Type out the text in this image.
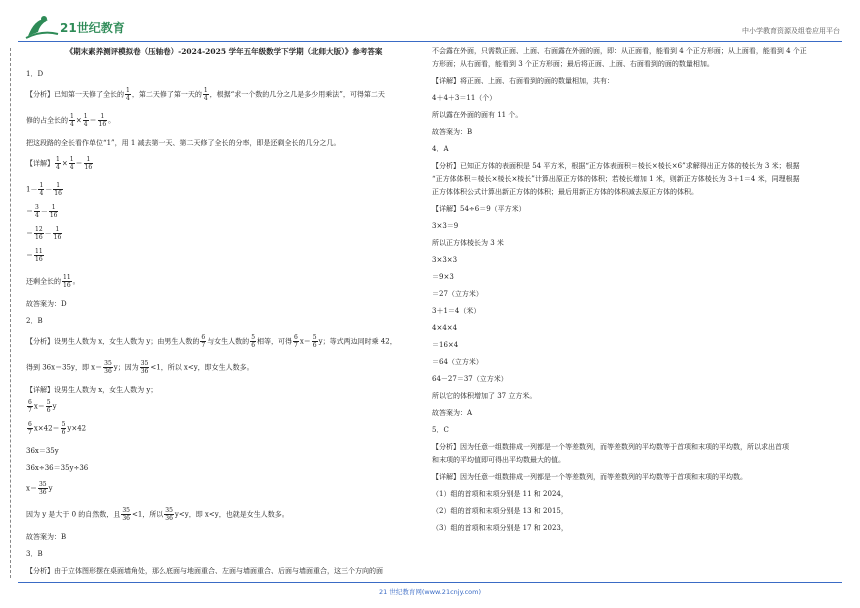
21世纪教育	中小学教育资源及组卷应用平台

《期末素养测评模拟卷（压轴卷）-2024-2025 学年五年级数学下学期（北师大版）》参考答案

1．D

【分析】已知第一天修了全长的 $\frac{1}{4}$ ，第二天修了第一天的 $\frac{1}{4}$ ，根据“求一个数的几分之几是多少用乘法”，可得第二天

修的占全长的 $\frac{1}{4} \times \frac{1}{4} = \frac{1}{16}$ 。

把这段路的全长看作单位“1”，用 1 减去第一天、第二天修了全长的分率，即是还剩全长的几分之几。

【详解】 $\frac{1}{4} \times \frac{1}{4} = \frac{1}{16}$

$1- \frac{1}{4} - \frac{1}{16}$

＝ $\frac{3}{4} - \frac{1}{16}$

＝ $\frac{12}{16} - \frac{1}{16}$

＝ $\frac{11}{16}$

还剩全长的 $\frac{11}{16}$ 。

故答案为：D

2．B

【分析】设男生人数为 x，女生人数为 y；由男生人数的 $\frac{6}{7}$ 与女生人数的 $\frac{5}{6}$ 相等，可得 $\frac{6}{7} x= \frac{5}{6}$ y；等式两边同时乘 42，

得到 36x＝35y，即 $x= \frac{35}{36}$ y；因为 $\frac{35}{36} <1$，所以 x<y，即女生人数多。

【详解】设男生人数为 x，女生人数为 y；

$\frac{6}{7} x= \frac{5}{6}$ y

$\frac{6}{7} x\times 42= \frac{5}{6} y\times 42$

36x＝35y

36x÷36＝35y÷36

$x= \frac{35}{36}$ y

因为 y 是大于 0 的自然数，且 $\frac{35}{36} <1$，所以 $\frac{35}{36} y<y$，即 x<y，也就是女生人数多。

故答案为：B

3．B

【分析】由于立体图形摆在桌面墙角处，那么底面与地面重合、左面与墙面重合、后面与墙面重合，这三个方向的面

不会露在外面，只需数正面、上面、右面露在外面的面，即：从正面看，能看到 4 个正方形面；从上面看，能看到 4 个正

方形面；从右面看，能看到 3 个正方形面；最后将正面、上面、右面看到的面的数量相加。

【详解】将正面、上面、右面看到的面的数量相加，共有：

4＋4＋3＝11（个）

所以露在外面的面有 11 个。

故答案为：B

4．A

【分析】已知正方体的表面积是 54 平方米，根据“正方体表面积＝棱长×棱长×6”求解得出正方体的棱长为 3 米；根据

“正方体体积＝棱长×棱长×棱长”计算出原正方体的体积；若棱长增加 1 米，则新正方体棱长为 3＋1＝4 米，同理根据

正方体体积公式计算出新正方体的体积；最后用新正方体的体积减去原正方体的体积。

【详解】54÷6＝9（平方米）

3×3＝9

所以正方体棱长为 3 米

3×3×3

＝9×3

＝27（立方米）

3＋1＝4（米）

4×4×4

＝16×4

＝64（立方米）

64－27＝37（立方米）

所以它的体积增加了 37 立方米。

故答案为：A

5．C

【分析】因为任意一组数排成一列都是一个等差数列，而等差数列的平均数等于首项和末项的平均数，所以求出首项

和末项的平均值即可得出平均数最大的值。

【详解】因为任意一组数排成一列都是一个等差数列，而等差数列的平均数等于首项和末项的平均数。

（1）组的首项和末项分别是 11 和 2024，

（2）组的首项和末项分别是 13 和 2015，

（3）组的首项和末项分别是 17 和 2023，

21 世纪教育网(www.21cnjy.com)
